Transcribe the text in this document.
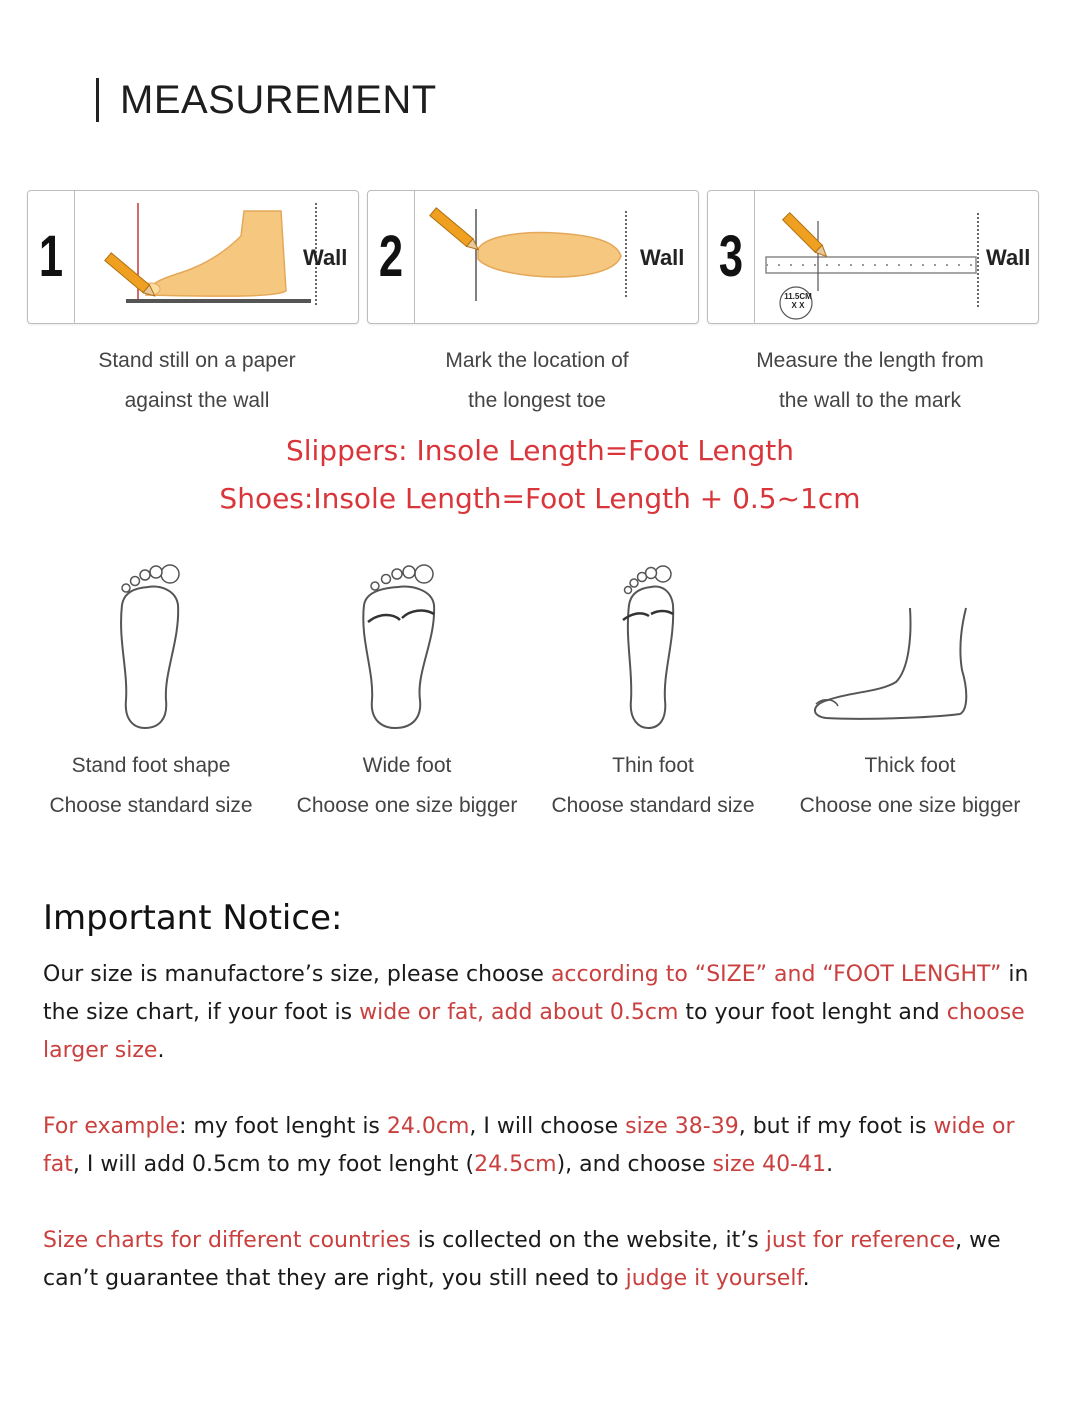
MEASUREMENT
1	Wall 2	Wall 3
11.5CM
X X
Wall
Stand still on a paper
against the wall
Mark the location of
the longest toe
Measure the length from
the wall to the mark
Slippers: Insole Length=Foot Length
Shoes:Insole Length=Foot Length + 0.5~1cm
Stand foot shape
Choose standard size
Wide foot
Choose one size bigger
Thin foot
Choose standard size
Thick foot
Choose one size bigger
Important Notice:
Our size is manufactore’s size, please choose according to “SIZE” and “FOOT LENGHT” in the size chart, if your foot is wide or fat, add about 0.5cm to your foot lenght and choose larger size.
For example: my foot lenght is 24.0cm, I will choose size 38-39, but if my foot is wide or fat, I will add 0.5cm to my foot lenght (24.5cm), and choose size 40-41.
Size charts for different countries is collected on the website, it’s just for reference, we can’t guarantee that they are right, you still need to judge it yourself.
